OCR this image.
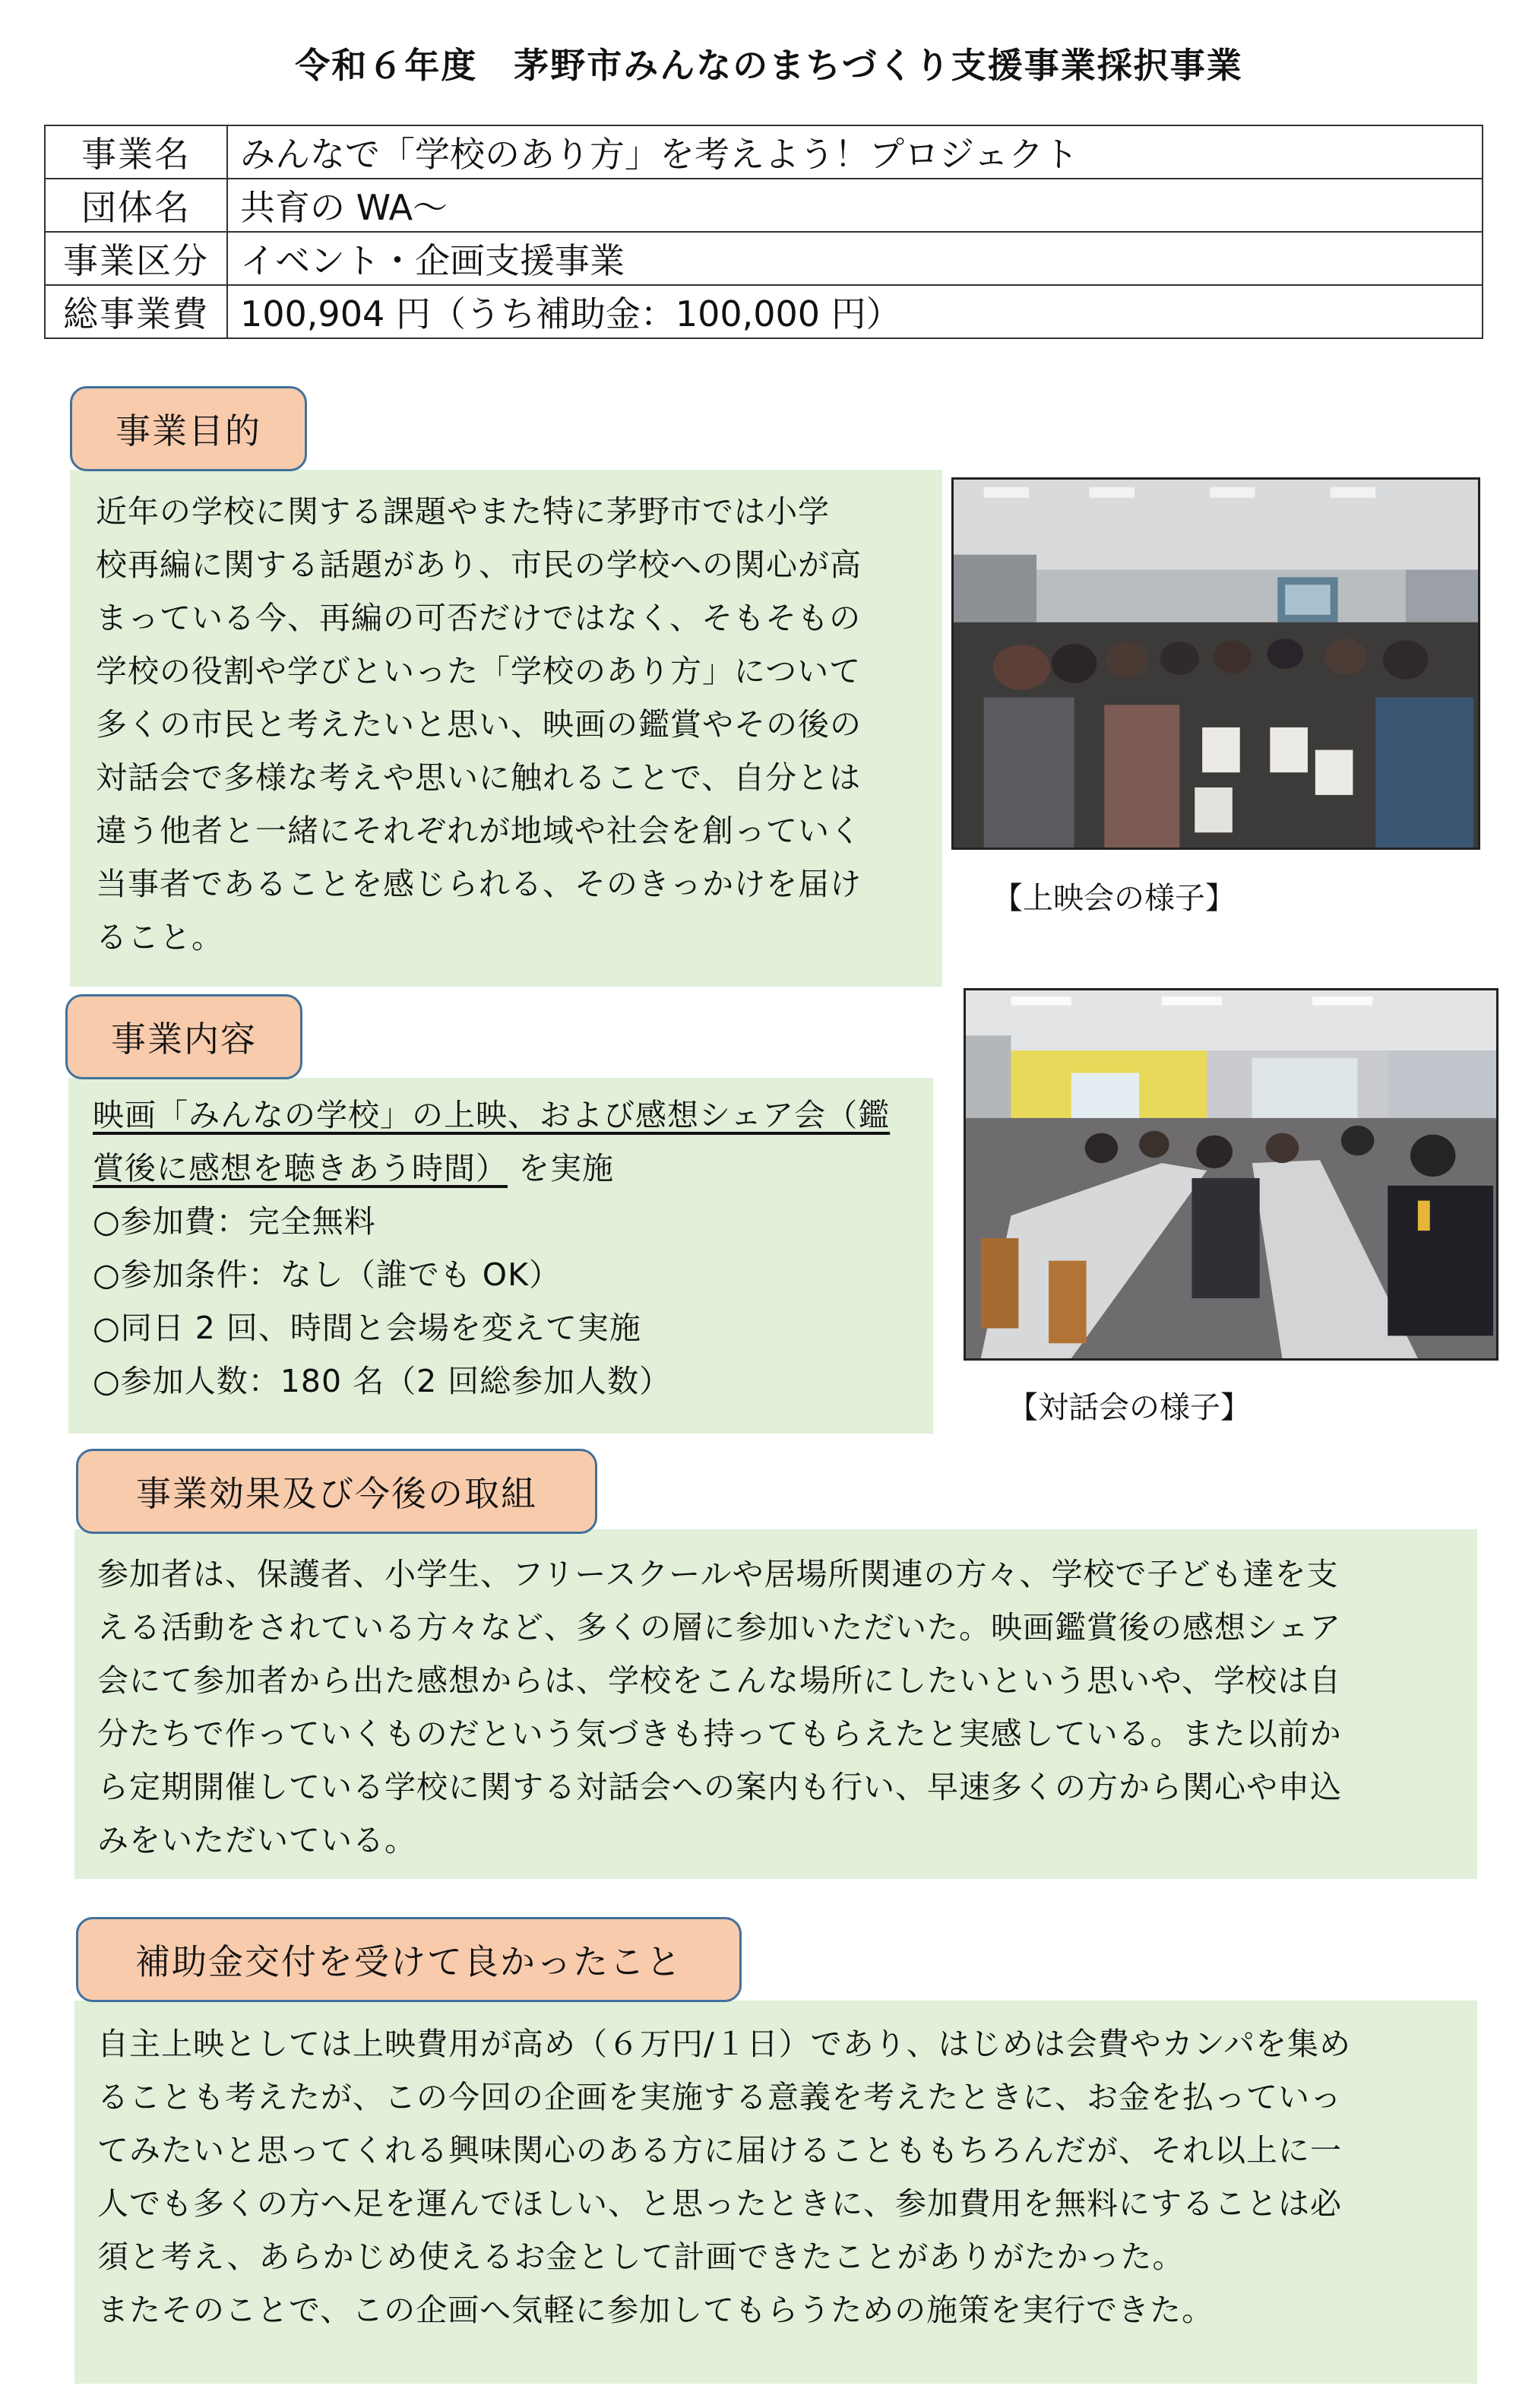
令和６年度　茅野市みんなのまちづくり支援事業採択事業
事業名	みんなで「学校のあり方」を考えよう！プロジェクト
団体名	共育の WA～
事業区分	イベント・企画支援事業
総事業費	100,904 円（うち補助金：100,000 円）
近年の学校に関する課題やまた特に茅野市では小学
校再編に関する話題があり、市民の学校への関心が高
まっている今、再編の可否だけではなく、そもそもの
学校の役割や学びといった「学校のあり方」について
多くの市民と考えたいと思い、映画の鑑賞やその後の
対話会で多様な考えや思いに触れることで、自分とは
違う他者と一緒にそれぞれが地域や社会を創っていく
当事者であることを感じられる、そのきっかけを届け
ること。
事業目的
【上映会の様子】
映画「みんなの学校」の上映、および感想シェア会（鑑
賞後に感想を聴きあう時間） を実施
○参加費：完全無料
○参加条件：なし（誰でも OK）
○同日 2 回、時間と会場を変えて実施
○参加人数：180 名（2 回総参加人数）
事業内容
【対話会の様子】
参加者は、保護者、小学生、フリースクールや居場所関連の方々、学校で子ども達を支
える活動をされている方々など、多くの層に参加いただいた。映画鑑賞後の感想シェア
会にて参加者から出た感想からは、学校をこんな場所にしたいという思いや、学校は自
分たちで作っていくものだという気づきも持ってもらえたと実感している。また以前か
ら定期開催している学校に関する対話会への案内も行い、早速多くの方から関心や申込
みをいただいている。
事業効果及び今後の取組
自主上映としては上映費用が高め（６万円/１日）であり、はじめは会費やカンパを集め
ることも考えたが、この今回の企画を実施する意義を考えたときに、お金を払っていっ
てみたいと思ってくれる興味関心のある方に届けることももちろんだが、それ以上に一
人でも多くの方へ足を運んでほしい、と思ったときに、参加費用を無料にすることは必
須と考え、あらかじめ使えるお金として計画できたことがありがたかった。
またそのことで、この企画へ気軽に参加してもらうための施策を実行できた。
補助金交付を受けて良かったこと
